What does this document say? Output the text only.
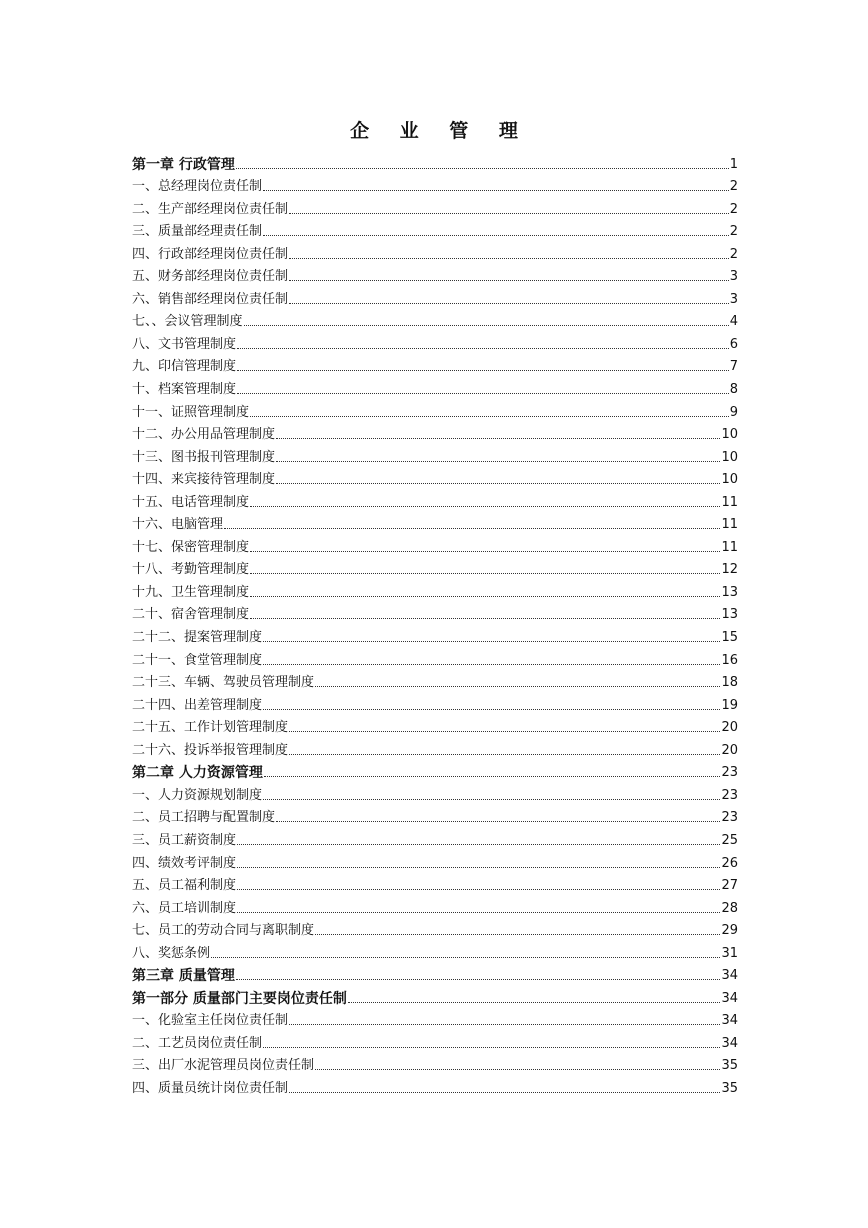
企 业 管 理
第一章 行政管理	1
一、总经理岗位责任制	2
二、生产部经理岗位责任制	2
三、质量部经理责任制	2
四、行政部经理岗位责任制	2
五、财务部经理岗位责任制	3
六、销售部经理岗位责任制	3
七、、会议管理制度	4
八、文书管理制度	6
九、印信管理制度	7
十、档案管理制度	8
十一、证照管理制度	9
十二、办公用品管理制度	10
十三、图书报刊管理制度	10
十四、来宾接待管理制度	10
十五、电话管理制度	11
十六、电脑管理	11
十七、保密管理制度	11
十八、考勤管理制度	12
十九、卫生管理制度	13
二十、宿舍管理制度	13
二十二、提案管理制度	15
二十一、食堂管理制度	16
二十三、车辆、驾驶员管理制度	18
二十四、出差管理制度	19
二十五、工作计划管理制度	20
二十六、投诉举报管理制度	20
第二章 人力资源管理	23
一、人力资源规划制度	23
二、员工招聘与配置制度	23
三、员工薪资制度	25
四、绩效考评制度	26
五、员工福利制度	27
六、员工培训制度	28
七、员工的劳动合同与离职制度	29
八、奖惩条例	31
第三章 质量管理	34
第一部分 质量部门主要岗位责任制	34
一、化验室主任岗位责任制	34
二、工艺员岗位责任制	34
三、出厂水泥管理员岗位责任制	35
四、质量员统计岗位责任制	35
